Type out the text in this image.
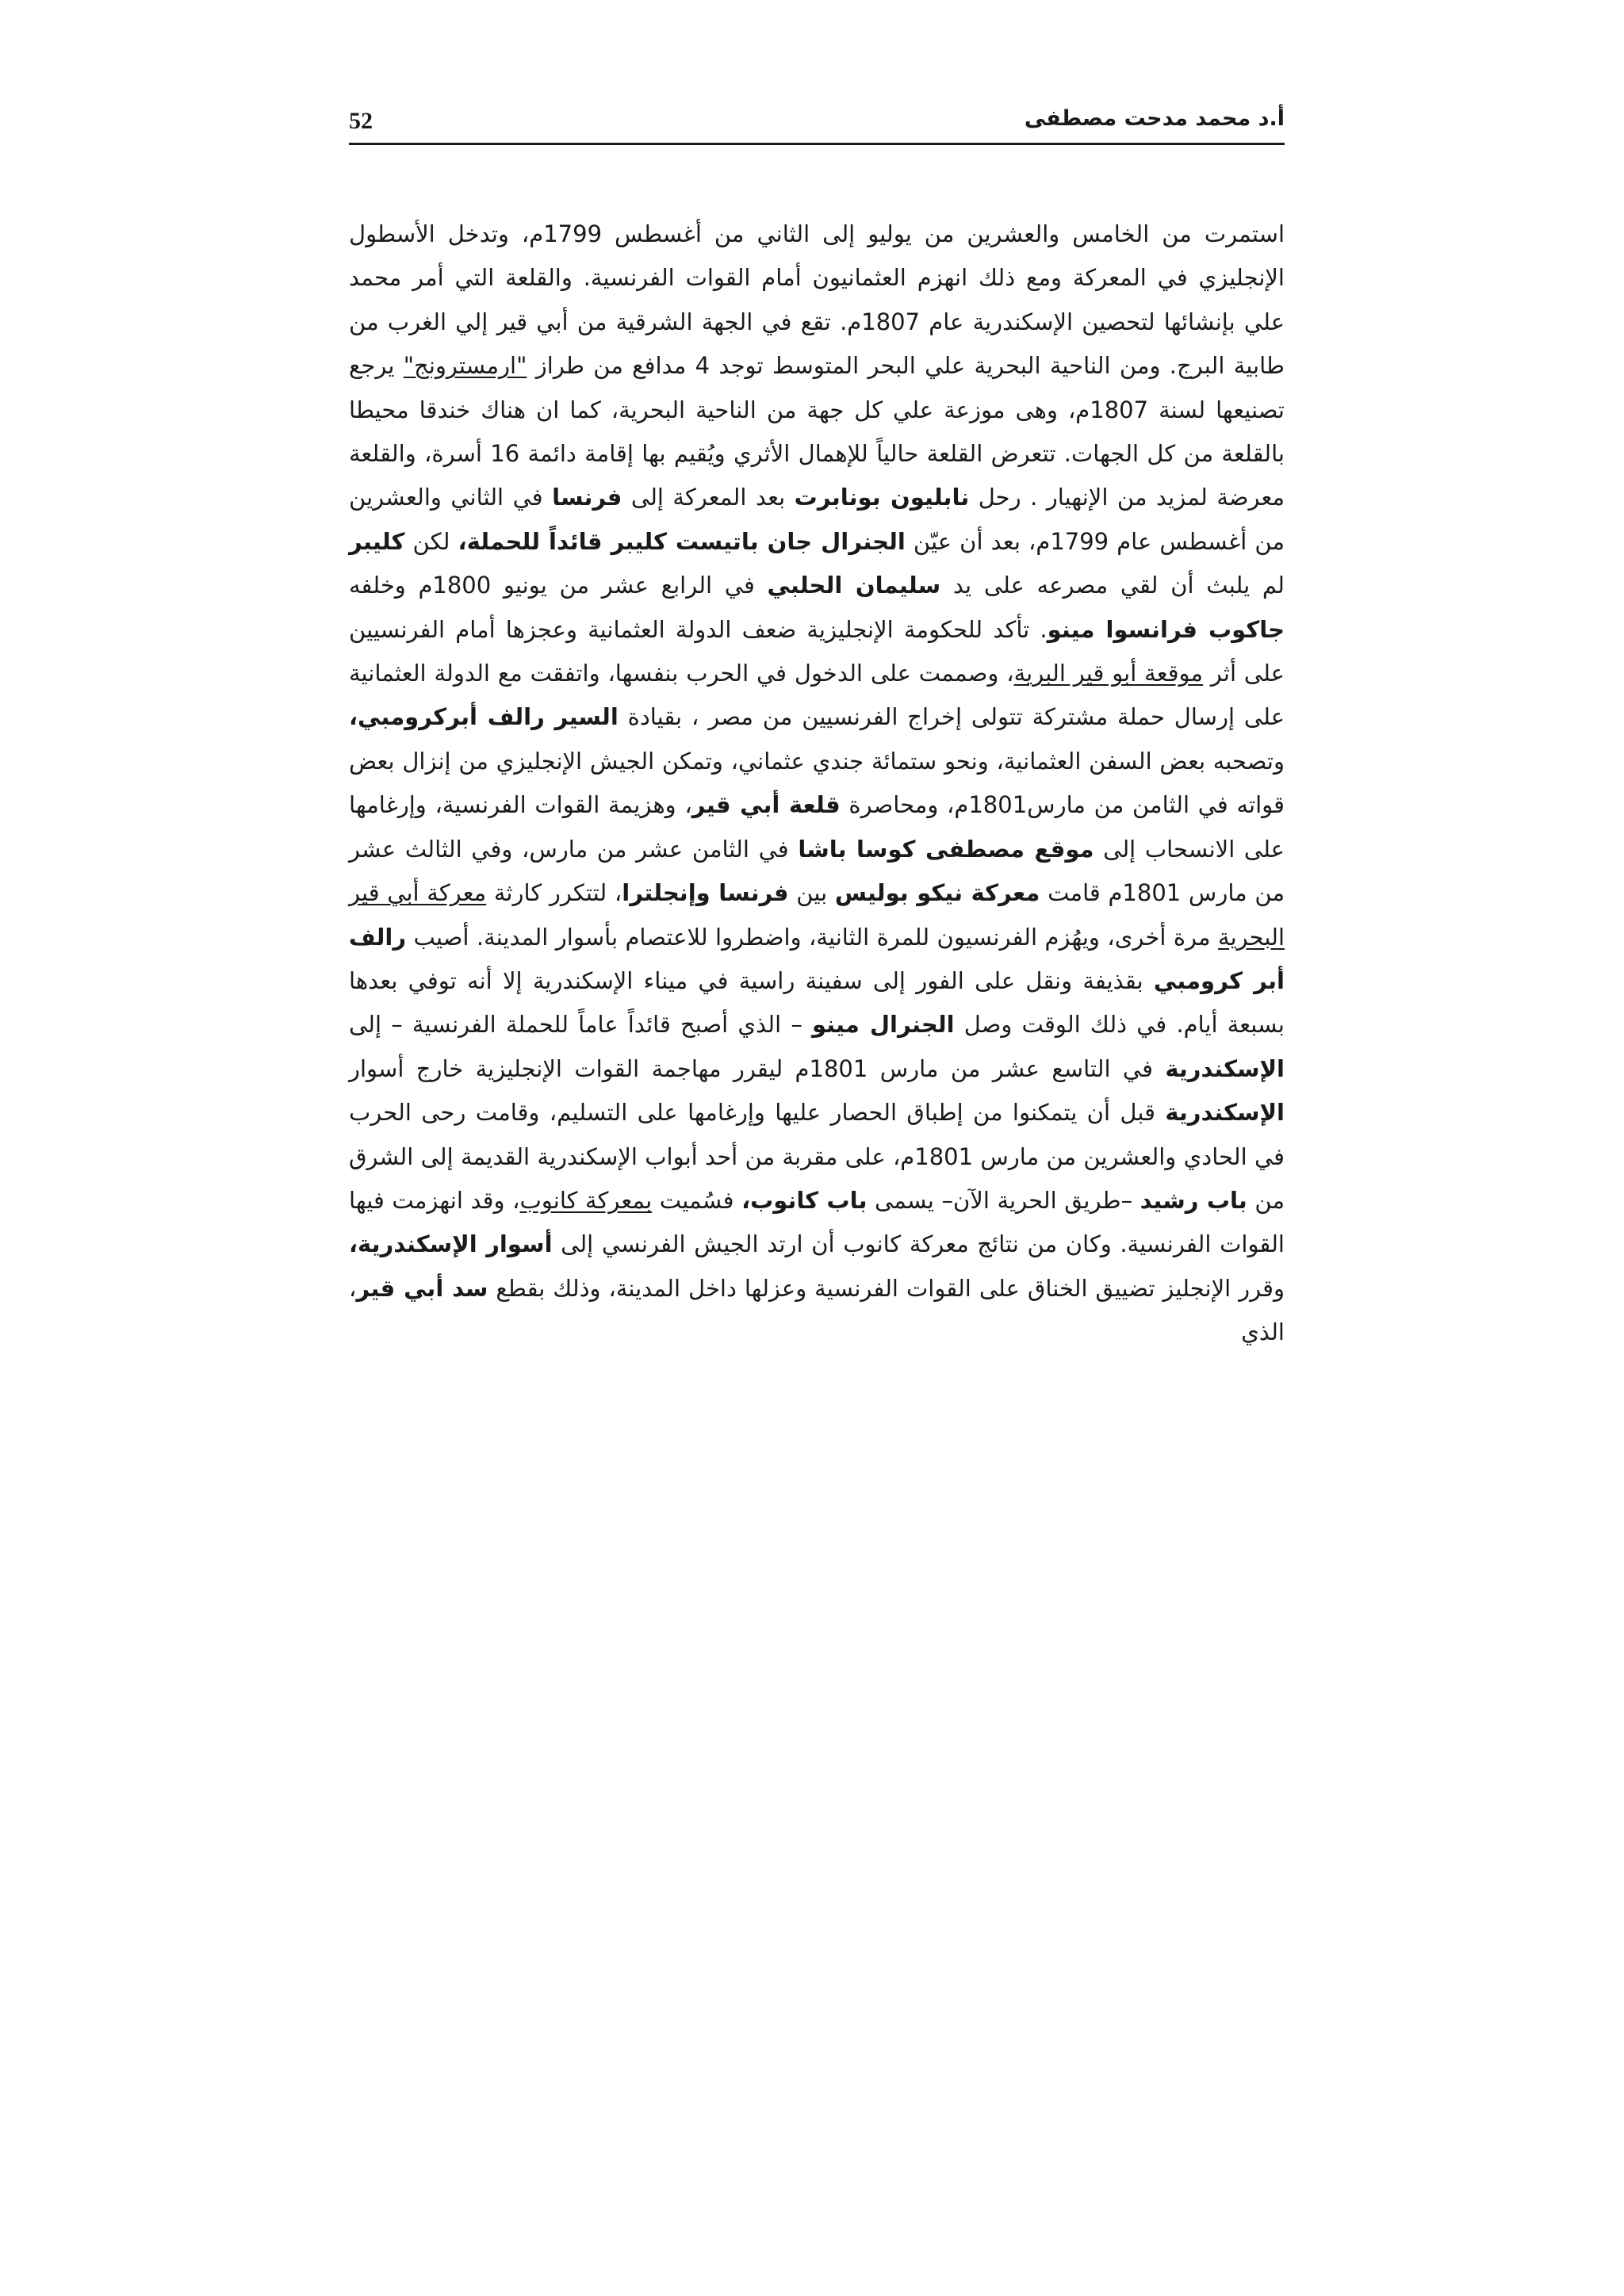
52	أ.د محمد مدحت مصطفى

استمرت من الخامس والعشرين من يوليو إلى الثاني من أغسطس 1799م، وتدخل الأسطول الإنجليزي في المعركة ومع ذلك انهزم العثمانيون أمام القوات الفرنسية. والقلعة التي أمر محمد علي بإنشائها لتحصين الإسكندرية عام 1807م. تقع في الجهة الشرقية من أبي قير إلي الغرب من طابية البرج. ومن الناحية البحرية علي البحر المتوسط توجد 4 مدافع من طراز "ارمسترونج" يرجع تصنيعها لسنة 1807م، وهى موزعة علي كل جهة من الناحية البحرية، كما ان هناك خندقا محيطا بالقلعة من كل الجهات. تتعرض القلعة حالياً للإهمال الأثري ويُقيم بها إقامة دائمة 16 أسرة، والقلعة معرضة لمزيد من الإنهيار . رحل نابليون بونابرت بعد المعركة إلى فرنسا في الثاني والعشرين من أغسطس عام 1799م، بعد أن عيّن الجنرال جان باتيست كليبر قائداً للحملة، لكن كليبر لم يلبث أن لقي مصرعه على يد سليمان الحلبي في الرابع عشر من يونيو 1800م وخلفه جاكوب فرانسوا مينو. تأكد للحكومة الإنجليزية ضعف الدولة العثمانية وعجزها أمام الفرنسيين على أثر موقعة أبو قير البرية، وصممت على الدخول في الحرب بنفسها، واتفقت مع الدولة العثمانية على إرسال حملة مشتركة تتولى إخراج الفرنسيين من مصر ، بقيادة السير رالف أبركرومبي، وتصحبه بعض السفن العثمانية، ونحو ستمائة جندي عثماني، وتمكن الجيش الإنجليزي من إنزال بعض قواته في الثامن من مارس1801م، ومحاصرة قلعة أبي قير، وهزيمة القوات الفرنسية، وإرغامها على الانسحاب إلى موقع مصطفى كوسا باشا في الثامن عشر من مارس، وفي الثالث عشر من مارس 1801م قامت معركة نيكو بوليس بين فرنسا وإنجلترا، لتتكرر كارثة معركة أبي قير البحرية مرة أخرى، ويهُزم الفرنسيون للمرة الثانية، واضطروا للاعتصام بأسوار المدينة. أصيب رالف أبر كرومبي بقذيفة ونقل على الفور إلى سفينة راسية في ميناء الإسكندرية إلا أنه توفي بعدها بسبعة أيام. في ذلك الوقت وصل الجنرال مينو – الذي أصبح قائداً عاماً للحملة الفرنسية – إلى الإسكندرية في التاسع عشر من مارس 1801م ليقرر مهاجمة القوات الإنجليزية خارج أسوار الإسكندرية قبل أن يتمكنوا من إطباق الحصار عليها وإرغامها على التسليم، وقامت رحى الحرب في الحادي والعشرين من مارس 1801م، على مقربة من أحد أبواب الإسكندرية القديمة إلى الشرق من باب رشيد –طريق الحرية الآن– يسمى باب كانوب، فسُميت بمعركة كانوب، وقد انهزمت فيها القوات الفرنسية. وكان من نتائج معركة كانوب أن ارتد الجيش الفرنسي إلى أسوار الإسكندرية، وقرر الإنجليز تضييق الخناق على القوات الفرنسية وعزلها داخل المدينة، وذلك بقطع سد أبي قير، الذي
